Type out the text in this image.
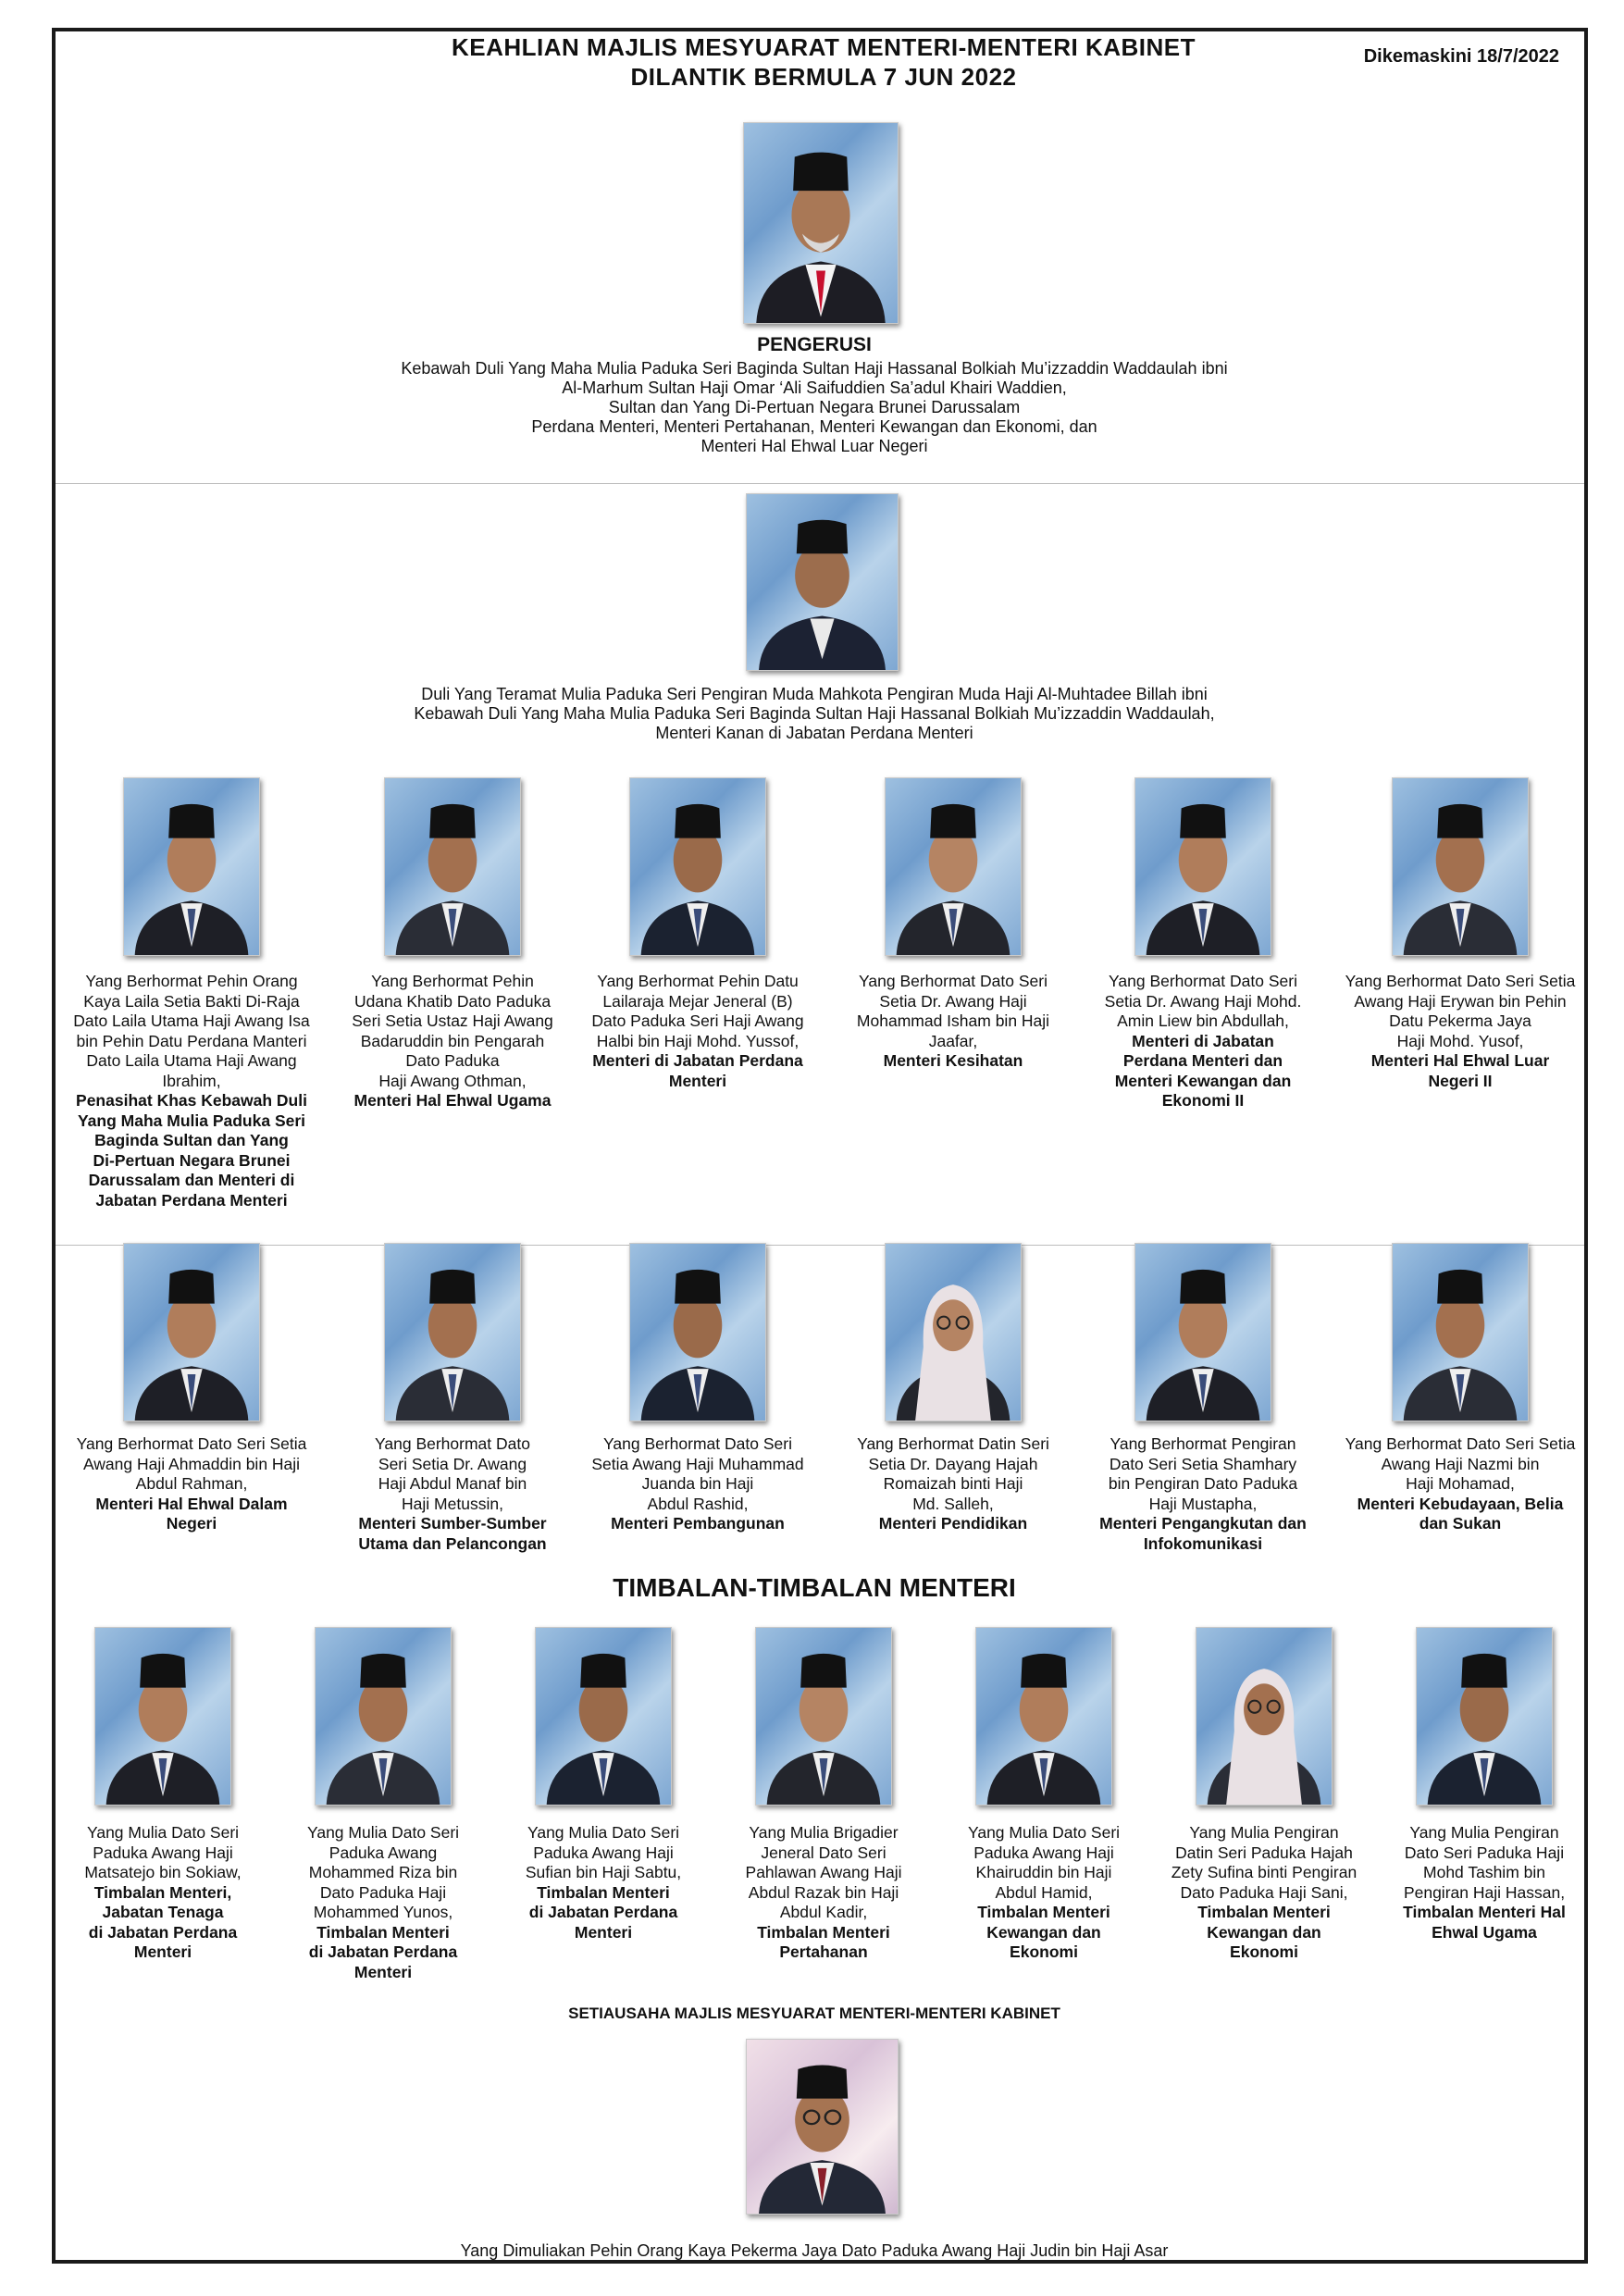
KEAHLIAN MAJLIS MESYUARAT MENTERI-MENTERI KABINET
DILANTIK BERMULA 7 JUN 2022
Dikemaskini 18/7/2022
PENGERUSI
Kebawah Duli Yang Maha Mulia Paduka Seri Baginda Sultan Haji Hassanal Bolkiah Mu’izzaddin Waddaulah ibni
Al-Marhum Sultan Haji Omar ‘Ali Saifuddien Sa’adul Khairi Waddien,
Sultan dan Yang Di-Pertuan Negara Brunei Darussalam
Perdana Menteri, Menteri Pertahanan, Menteri Kewangan dan Ekonomi, dan
Menteri Hal Ehwal Luar Negeri
Duli Yang Teramat Mulia Paduka Seri Pengiran Muda Mahkota Pengiran Muda Haji Al-Muhtadee Billah ibni
Kebawah Duli Yang Maha Mulia Paduka Seri Baginda Sultan Haji Hassanal Bolkiah Mu’izzaddin Waddaulah,
Menteri Kanan di Jabatan Perdana Menteri
Yang Berhormat Pehin Orang
Kaya Laila Setia Bakti Di-Raja
Dato Laila Utama Haji Awang Isa
bin Pehin Datu Perdana Manteri
Dato Laila Utama Haji Awang
Ibrahim,
Penasihat Khas Kebawah Duli
Yang Maha Mulia Paduka Seri
Baginda Sultan dan Yang
Di-Pertuan Negara Brunei
Darussalam dan Menteri di
Jabatan Perdana Menteri
Yang Berhormat Pehin
Udana Khatib Dato Paduka
Seri Setia Ustaz Haji Awang
Badaruddin bin Pengarah
Dato Paduka
Haji Awang Othman,
Menteri Hal Ehwal Ugama
Yang Berhormat Pehin Datu
Lailaraja Mejar Jeneral (B)
Dato Paduka Seri Haji Awang
Halbi bin Haji Mohd. Yussof,
Menteri di Jabatan Perdana
Menteri
Yang Berhormat Dato Seri
Setia Dr. Awang Haji
Mohammad Isham bin Haji
Jaafar,
Menteri Kesihatan
Yang Berhormat Dato Seri
Setia Dr. Awang Haji Mohd.
Amin Liew bin Abdullah,
Menteri di Jabatan
Perdana Menteri dan
Menteri Kewangan dan
Ekonomi II
Yang Berhormat Dato Seri Setia
Awang Haji Erywan bin Pehin
Datu Pekerma Jaya
Haji Mohd. Yusof,
Menteri Hal Ehwal Luar
Negeri II
Yang Berhormat Dato Seri Setia
Awang Haji Ahmaddin bin Haji
Abdul Rahman,
Menteri Hal Ehwal Dalam
Negeri
Yang Berhormat Dato
Seri Setia Dr. Awang
Haji Abdul Manaf bin
Haji Metussin,
Menteri Sumber-Sumber
Utama dan Pelancongan
Yang Berhormat Dato Seri
Setia Awang Haji Muhammad
Juanda bin Haji
Abdul Rashid,
Menteri Pembangunan
Yang Berhormat Datin Seri
Setia Dr. Dayang Hajah
Romaizah binti Haji
Md. Salleh,
Menteri Pendidikan
Yang Berhormat Pengiran
Dato Seri Setia Shamhary
bin Pengiran Dato Paduka
Haji Mustapha,
Menteri Pengangkutan dan
Infokomunikasi
Yang Berhormat Dato Seri Setia
Awang Haji Nazmi bin
Haji Mohamad,
Menteri Kebudayaan, Belia
dan Sukan
TIMBALAN-TIMBALAN MENTERI
Yang Mulia Dato Seri
Paduka Awang Haji
Matsatejo bin Sokiaw,
Timbalan Menteri,
Jabatan Tenaga
di Jabatan Perdana
Menteri
Yang Mulia Dato Seri
Paduka Awang
Mohammed Riza bin
Dato Paduka Haji
Mohammed Yunos,
Timbalan Menteri
di Jabatan Perdana
Menteri
Yang Mulia Dato Seri
Paduka Awang Haji
Sufian bin Haji Sabtu,
Timbalan Menteri
di Jabatan Perdana
Menteri
Yang Mulia Brigadier
Jeneral Dato Seri
Pahlawan Awang Haji
Abdul Razak bin Haji
Abdul Kadir,
Timbalan Menteri
Pertahanan
Yang Mulia Dato Seri
Paduka Awang Haji
Khairuddin bin Haji
Abdul Hamid,
Timbalan Menteri
Kewangan dan
Ekonomi
Yang Mulia Pengiran
Datin Seri Paduka Hajah
Zety Sufina binti Pengiran
Dato Paduka Haji Sani,
Timbalan Menteri
Kewangan dan
Ekonomi
Yang Mulia Pengiran
Dato Seri Paduka Haji
Mohd Tashim bin
Pengiran Haji Hassan,
Timbalan Menteri Hal
Ehwal Ugama
SETIAUSAHA MAJLIS MESYUARAT MENTERI-MENTERI KABINET
Yang Dimuliakan Pehin Orang Kaya Pekerma Jaya Dato Paduka Awang Haji Judin bin Haji Asar
